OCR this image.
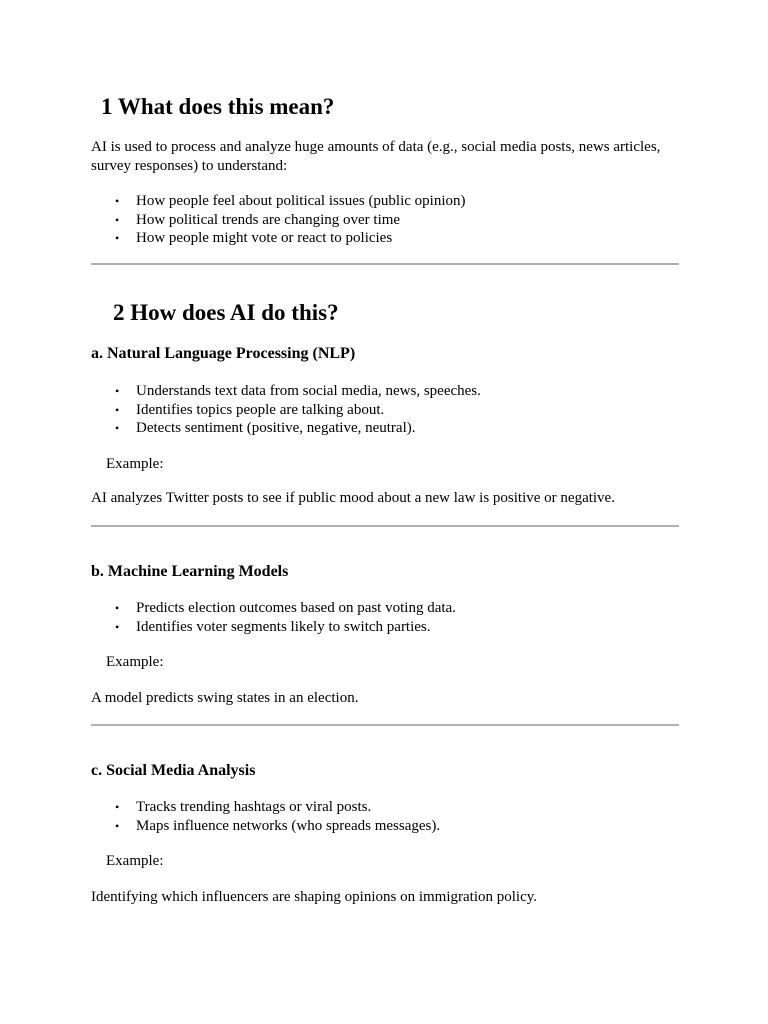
1 What does this mean?

AI is used to process and analyze huge amounts of data (e.g., social media posts, news articles, survey responses) to understand:

• How people feel about political issues (public opinion)
• How political trends are changing over time
• How people might vote or react to policies
2 How does AI do this?
a. Natural Language Processing (NLP)
• Understands text data from social media, news, speeches.
• Identifies topics people are talking about.
• Detects sentiment (positive, negative, neutral).

Example:

AI analyzes Twitter posts to see if public mood about a new law is positive or negative.

b. Machine Learning Models
• Predicts election outcomes based on past voting data.
• Identifies voter segments likely to switch parties.

Example:

A model predicts swing states in an election.

c. Social Media Analysis
• Tracks trending hashtags or viral posts.
• Maps influence networks (who spreads messages).

Example:

Identifying which influencers are shaping opinions on immigration policy.
